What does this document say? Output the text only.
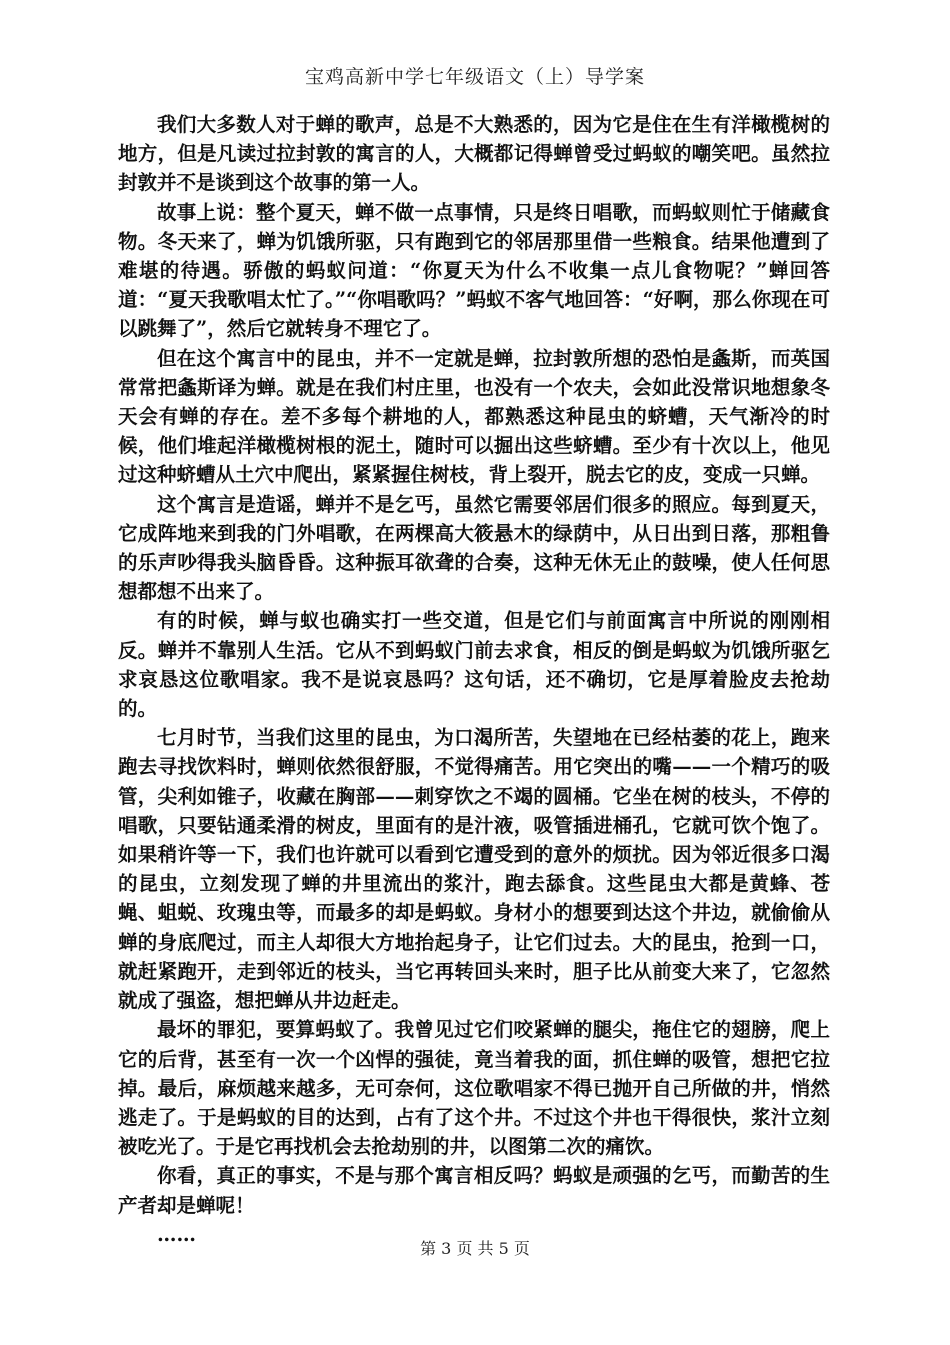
宝鸡高新中学七年级语文（上）导学案

我们大多数人对于蝉的歌声，总是不大熟悉的，因为它是住在生有洋橄榄树的地方，但是凡读过拉封敦的寓言的人，大概都记得蝉曾受过蚂蚁的嘲笑吧。虽然拉封敦并不是谈到这个故事的第一人。

故事上说：整个夏天，蝉不做一点事情，只是终日唱歌，而蚂蚁则忙于储藏食物。冬天来了，蝉为饥饿所驱，只有跑到它的邻居那里借一些粮食。结果他遭到了难堪的待遇。骄傲的蚂蚁问道：“你夏天为什么不收集一点儿食物呢？”蝉回答道：“夏天我歌唱太忙了。”“你唱歌吗？”蚂蚁不客气地回答：“好啊，那么你现在可以跳舞了”，然后它就转身不理它了。

但在这个寓言中的昆虫，并不一定就是蝉，拉封敦所想的恐怕是螽斯，而英国常常把螽斯译为蝉。就是在我们村庄里，也没有一个农夫，会如此没常识地想象冬天会有蝉的存在。差不多每个耕地的人，都熟悉这种昆虫的蛴螬，天气渐冷的时候，他们堆起洋橄榄树根的泥土，随时可以掘出这些蛴螬。至少有十次以上，他见过这种蛴螬从土穴中爬出，紧紧握住树枝，背上裂开，脱去它的皮，变成一只蝉。

这个寓言是造谣，蝉并不是乞丐，虽然它需要邻居们很多的照应。每到夏天，它成阵地来到我的门外唱歌，在两棵高大筱悬木的绿荫中，从日出到日落，那粗鲁的乐声吵得我头脑昏昏。这种振耳欲聋的合奏，这种无休无止的鼓噪，使人任何思想都想不出来了。

有的时候，蝉与蚁也确实打一些交道，但是它们与前面寓言中所说的刚刚相反。蝉并不靠别人生活。它从不到蚂蚁门前去求食，相反的倒是蚂蚁为饥饿所驱乞求哀恳这位歌唱家。我不是说哀恳吗？这句话，还不确切，它是厚着脸皮去抢劫的。

七月时节，当我们这里的昆虫，为口渴所苦，失望地在已经枯萎的花上，跑来跑去寻找饮料时，蝉则依然很舒服，不觉得痛苦。用它突出的嘴——一个精巧的吸管，尖利如锥子，收藏在胸部——刺穿饮之不竭的圆桶。它坐在树的枝头，不停的唱歌，只要钻通柔滑的树皮，里面有的是汁液，吸管插进桶孔，它就可饮个饱了。如果稍许等一下，我们也许就可以看到它遭受到的意外的烦扰。因为邻近很多口渴的昆虫，立刻发现了蝉的井里流出的浆汁，跑去舔食。这些昆虫大都是黄蜂、苍蝇、蛆蜕、玫瑰虫等，而最多的却是蚂蚁。身材小的想要到达这个井边，就偷偷从蝉的身底爬过，而主人却很大方地抬起身子，让它们过去。大的昆虫，抢到一口，就赶紧跑开，走到邻近的枝头，当它再转回头来时，胆子比从前变大来了，它忽然就成了强盗，想把蝉从井边赶走。

最坏的罪犯，要算蚂蚁了。我曾见过它们咬紧蝉的腿尖，拖住它的翅膀，爬上它的后背，甚至有一次一个凶悍的强徒，竟当着我的面，抓住蝉的吸管，想把它拉掉。最后，麻烦越来越多，无可奈何，这位歌唱家不得已抛开自己所做的井，悄然逃走了。于是蚂蚁的目的达到，占有了这个井。不过这个井也干得很快，浆汁立刻被吃光了。于是它再找机会去抢劫别的井，以图第二次的痛饮。

你看，真正的事实，不是与那个寓言相反吗？蚂蚁是顽强的乞丐，而勤苦的生产者却是蝉呢！

……

第 3 页 共 5 页
